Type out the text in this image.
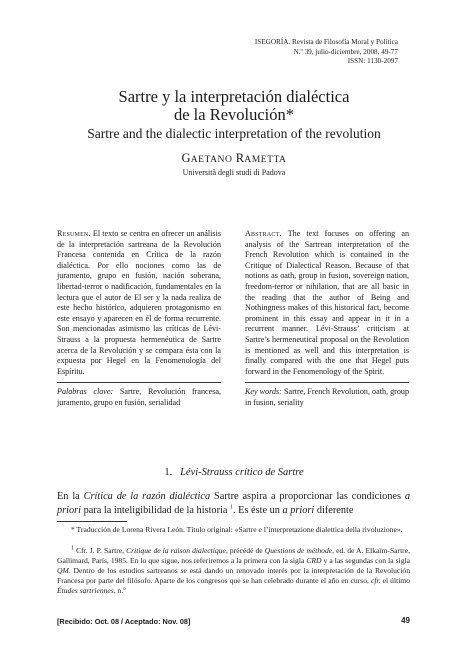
ISEGORÍA. Revista de Filosofía Moral y Política
N.º 39, julio-diciembre, 2008, 49-77
ISSN: 1130-2097
Sartre y la interpretación dialéctica
de la Revolución*
Sartre and the dialectic interpretation of the revolution
GAETANO RAMETTA
Università degli studi di Padova
Resumen. El texto se centra en ofrecer un análisis de la interpretación sartreana de la Revolución Francesa contenida en Crítica de la razón dialéctica. Por ello nociones como las de juramento, grupo en fusión, nación soberana, libertad-terror o nadificación, fundamentales en la lectura que el autor de El ser y la nada realiza de este hecho histórico, adquieren protagonismo en este ensayo y aparecen en él de forma recurrente. Son mencionadas asimismo las críticas de Lévi-Strauss a la propuesta hermenéutica de Sartre acerca de la Revolución y se compara ésta con la expuesta por Hegel en la Fenomenología del Espíritu.
Palabras clave: Sartre, Revolución francesa, juramento, grupo en fusión, serialidad
Abstract. The text focuses on offering an analysis of the Sartrean interpretation of the French Revolution which is contained in the Critique of Dialectical Reason. Because of that notions as oath, group in fusion, sovereign nation, freedom-terror or nihilation, that are all basic in the reading that the author of Being and Nothingness makes of this historical fact, become prominent in this essay and appear in it in a recurrent manner. Lévi-Strauss’ criticism at Sartre’s hermeneutical proposal on the Revolution is mentioned as well and this interpretation is finally compared with the one that Hegel puts forward in the Fenomenology of the Spirit.
Key words: Sartre, French Revolution, oath, group in fusion, seriality
1. Lévi-Strauss crítico de Sartre
En la Crítica de la razón dialéctica Sartre aspira a proporcionar las condiciones a priori para la inteligibilidad de la historia $^1$. Es éste un a priori diferente
* Traducción de Lorena Rivera León. Título original: «Sartre e l’interpretazione dialettica della rivoluzione».
$^1$ Cfr. J. P. Sartre, Critique de la raison dialectique, précédé de Questions de méthode, ed. de A. Elkaïm-Sartre, Gallimard, París, 1985. En lo que sigue, nos referiremos a la primera con la sigla CRD y a las segundas con la sigla QM. Dentro de los estudios sartreanos se está dando un renovado interés por la interpretación de la Revolución Francesa por parte del filósofo. Aparte de los congresos que se han celebrado durante el año en curso, cfr. el último Études sartriennes, n.º
[Recibido: Oct. 08 / Aceptado: Nov. 08]	49
